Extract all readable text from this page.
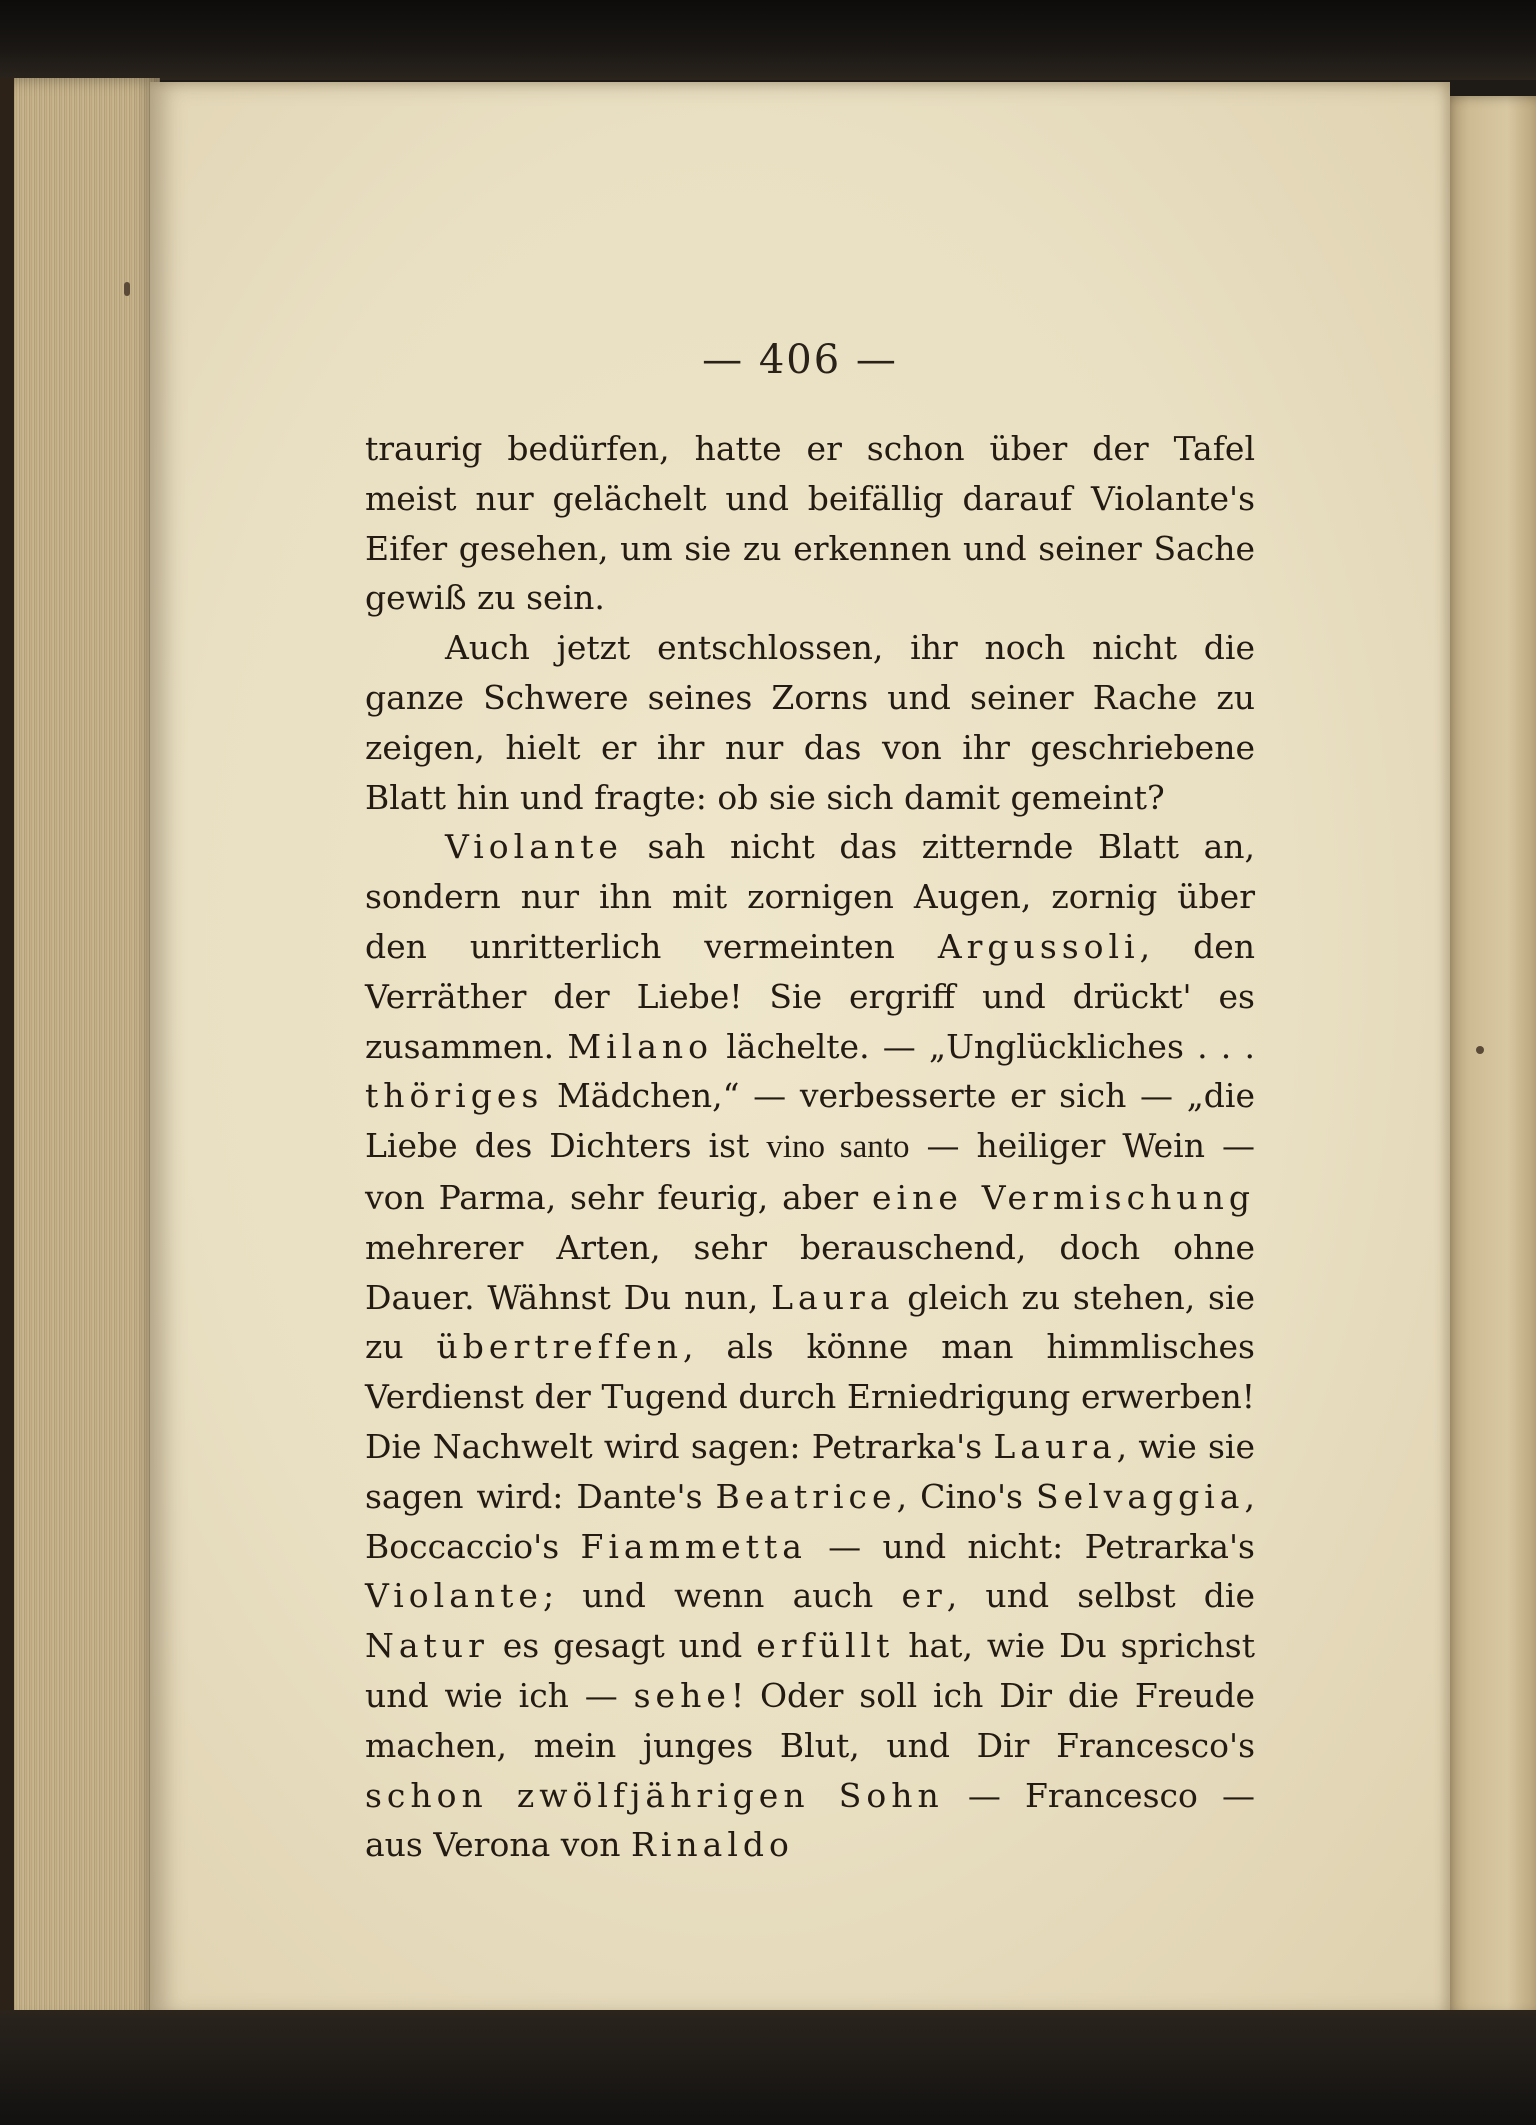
— 406 —

traurig bedürfen, hatte er schon über der Tafel meist nur gelächelt und beifällig darauf Violante's Eifer gesehen, um sie zu erkennen und seiner Sache gewiß zu sein.

Auch jetzt entschlossen, ihr noch nicht die ganze Schwere seines Zorns und seiner Rache zu zeigen, hielt er ihr nur das von ihr geschriebene Blatt hin und fragte: ob sie sich damit gemeint?

Violante sah nicht das zitternde Blatt an, sondern nur ihn mit zornigen Augen, zornig über den unritterlich vermeinten Argussoli, den Verräther der Liebe! Sie ergriff und drückt' es zusammen. Milano lächelte. — „Unglückliches . . . thöriges Mädchen,“ — verbesserte er sich — „die Liebe des Dichters ist vino santo — heiliger Wein — von Parma, sehr feurig, aber eine Vermischung mehrerer Arten, sehr berauschend, doch ohne Dauer. Wähnst Du nun, Laura gleich zu stehen, sie zu übertreffen, als könne man himmlisches Verdienst der Tugend durch Erniedrigung erwerben! Die Nachwelt wird sagen: Petrarka's Laura, wie sie sagen wird: Dante's Beatrice, Cino's Selvaggia, Boccaccio's Fiammetta — und nicht: Petrarka's Violante; und wenn auch er, und selbst die Natur es gesagt und erfüllt hat, wie Du sprichst und wie ich — sehe! Oder soll ich Dir die Freude machen, mein junges Blut, und Dir Francesco's schon zwölfjährigen Sohn — Francesco — aus Verona von Rinaldo
